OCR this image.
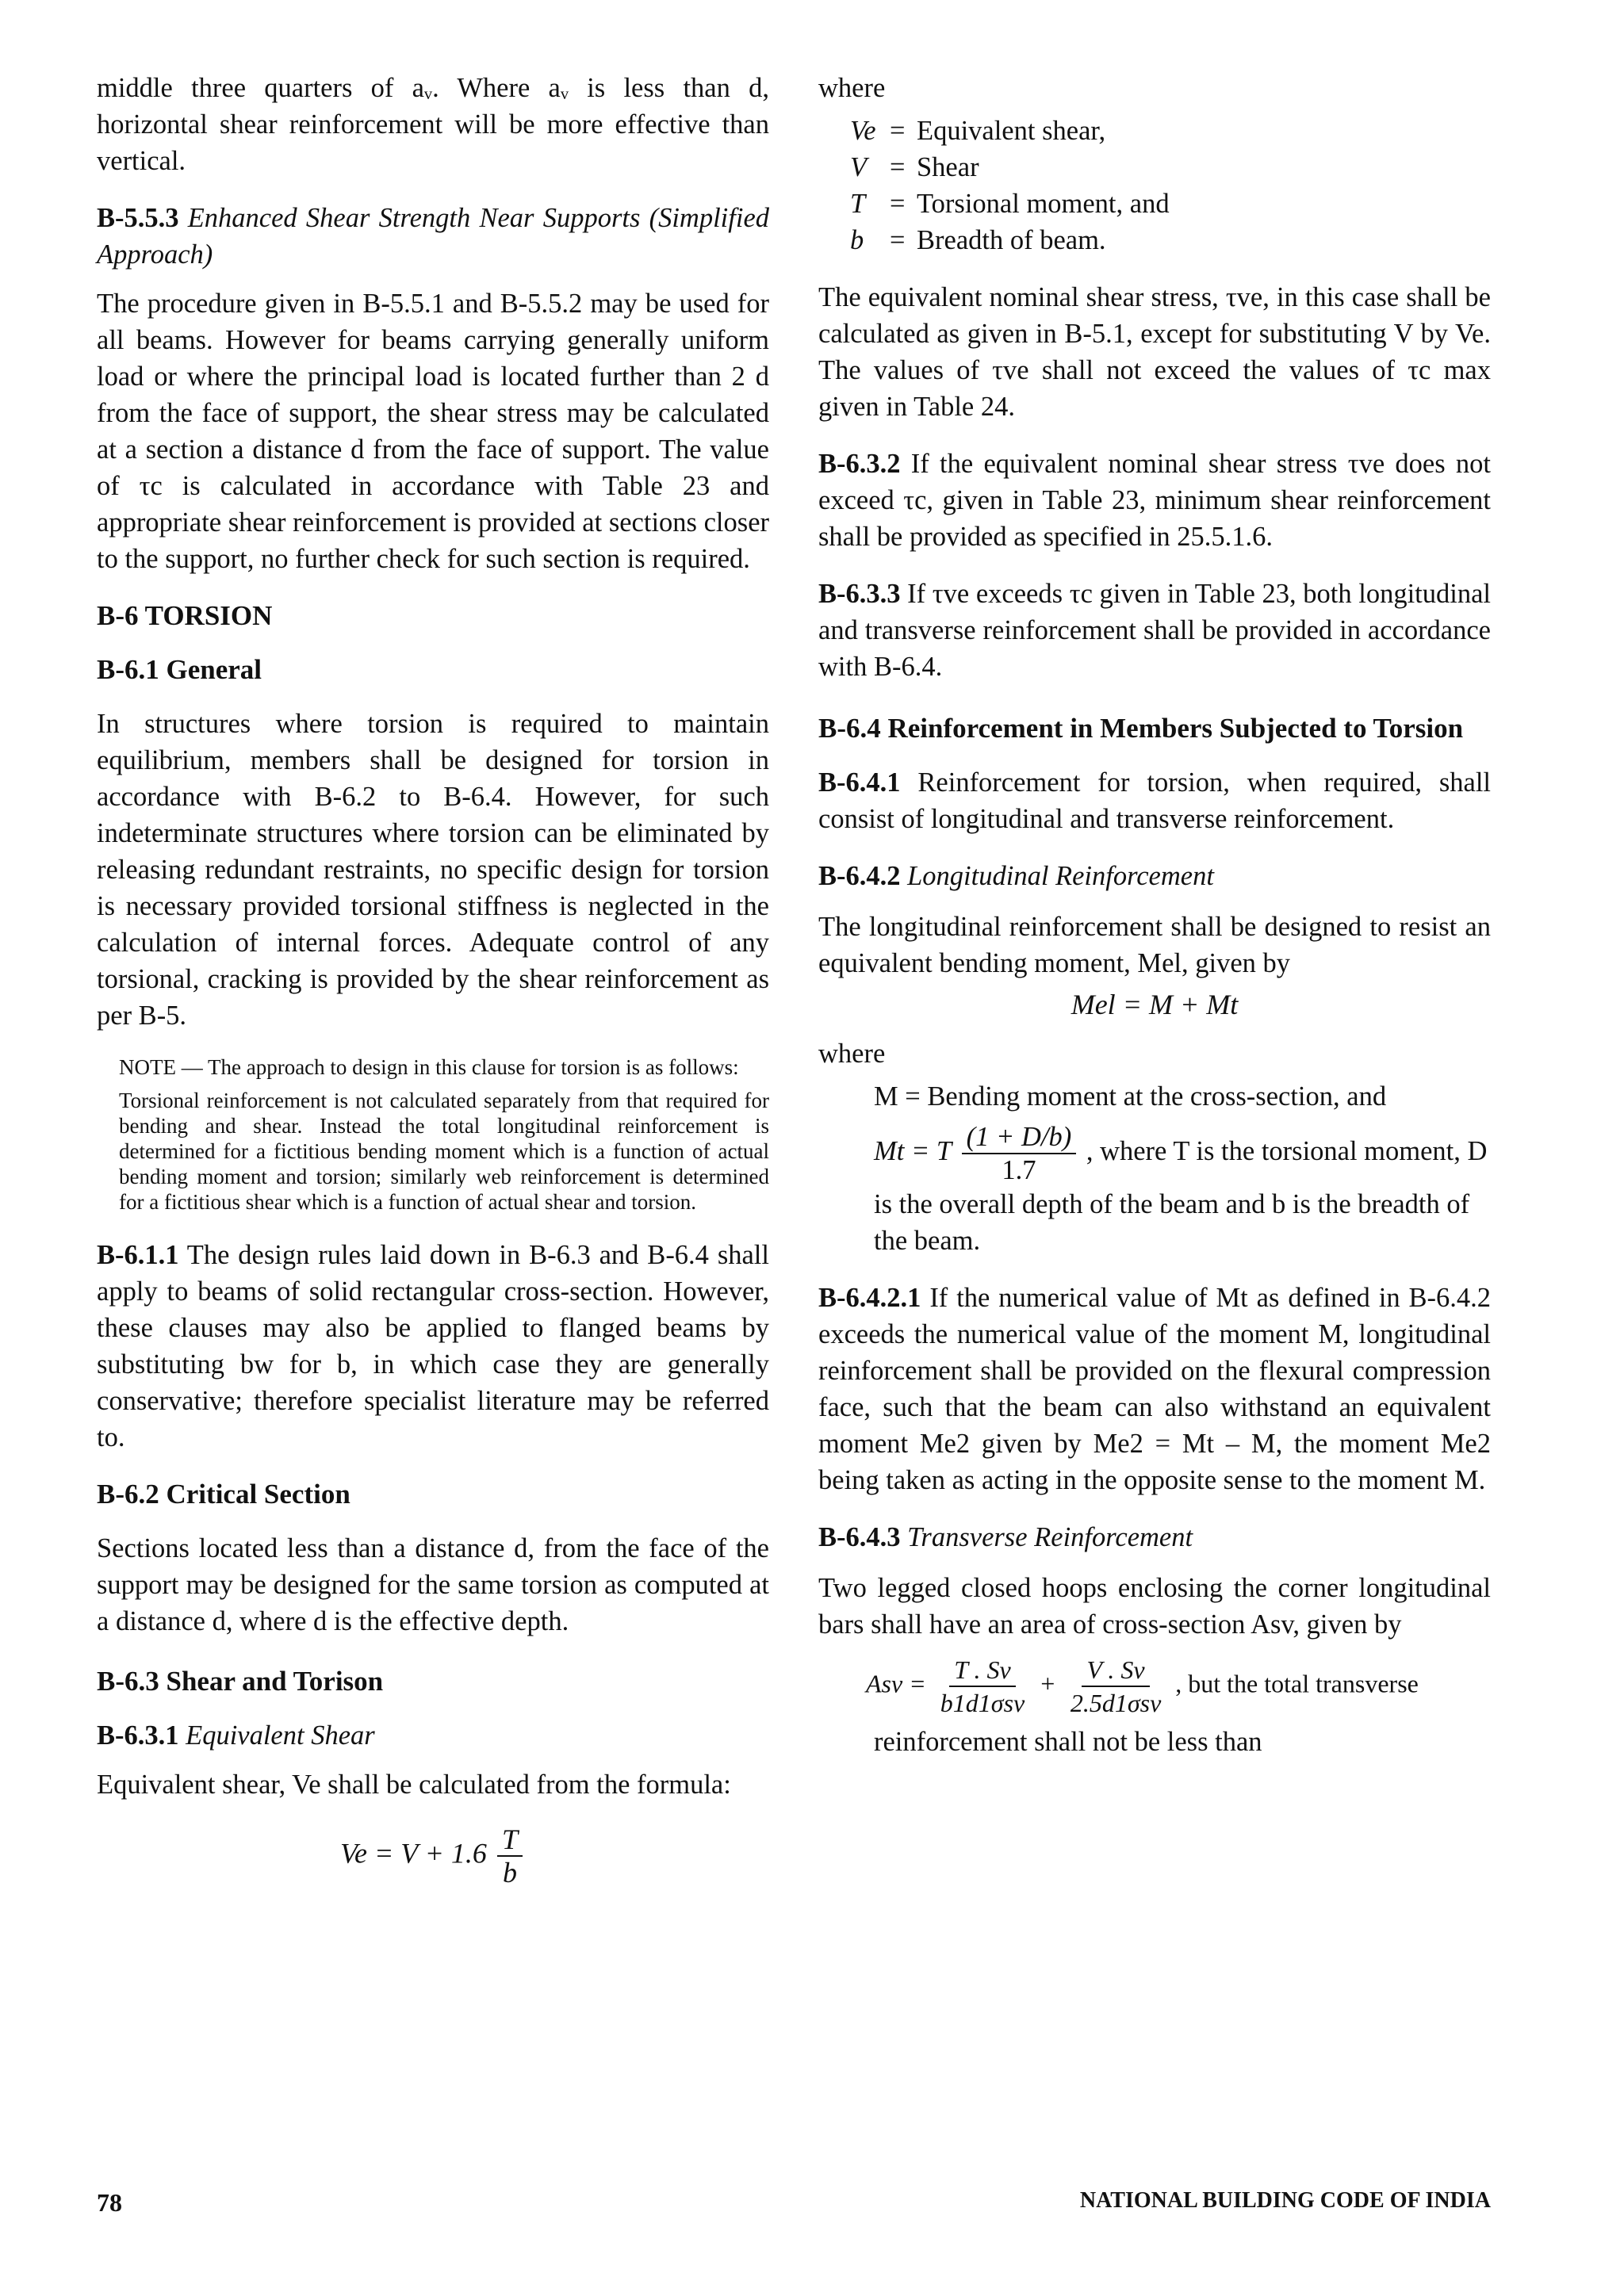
middle three quarters of aᵥ. Where aᵥ is less than d, horizontal shear reinforcement will be more effective than vertical.

B-5.5.3 Enhanced Shear Strength Near Supports (Simplified Approach)

The procedure given in B-5.5.1 and B-5.5.2 may be used for all beams. However for beams carrying generally uniform load or where the principal load is located further than 2 d from the face of support, the shear stress may be calculated at a section a distance d from the face of support. The value of τc is calculated in accordance with Table 23 and appropriate shear reinforcement is provided at sections closer to the support, no further check for such section is required.

B-6 TORSION
B-6.1 General

In structures where torsion is required to maintain equilibrium, members shall be designed for torsion in accordance with B-6.2 to B-6.4. However, for such indeterminate structures where torsion can be eliminated by releasing redundant restraints, no specific design for torsion is necessary provided torsional stiffness is neglected in the calculation of internal forces. Adequate control of any torsional, cracking is provided by the shear reinforcement as per B-5.

NOTE — The approach to design in this clause for torsion is as follows:

Torsional reinforcement is not calculated separately from that required for bending and shear. Instead the total longitudinal reinforcement is determined for a fictitious bending moment which is a function of actual bending moment and torsion; similarly web reinforcement is determined for a fictitious shear which is a function of actual shear and torsion.

B-6.1.1 The design rules laid down in B-6.3 and B-6.4 shall apply to beams of solid rectangular cross-section. However, these clauses may also be applied to flanged beams by substituting bw for b, in which case they are generally conservative; therefore specialist literature may be referred to.

B-6.2 Critical Section

Sections located less than a distance d, from the face of the support may be designed for the same torsion as computed at a distance d, where d is the effective depth.

B-6.3 Shear and Torison

B-6.3.1 Equivalent Shear

Equivalent shear, Ve shall be calculated from the formula:

$Ve = V + 1.6 \frac{T}{b}$

where

Ve = Equivalent shear,
V = Shear
T = Torsional moment, and
b = Breadth of beam.

The equivalent nominal shear stress, τve, in this case shall be calculated as given in B-5.1, except for substituting V by Ve. The values of τve shall not exceed the values of τc max given in Table 24.

B-6.3.2 If the equivalent nominal shear stress τve does not exceed τc, given in Table 23, minimum shear reinforcement shall be provided as specified in 25.5.1.6.

B-6.3.3 If τve exceeds τc given in Table 23, both longitudinal and transverse reinforcement shall be provided in accordance with B-6.4.

B-6.4 Reinforcement in Members Subjected to Torsion

B-6.4.1 Reinforcement for torsion, when required, shall consist of longitudinal and transverse reinforcement.

B-6.4.2 Longitudinal Reinforcement

The longitudinal reinforcement shall be designed to resist an equivalent bending moment, Mel, given by

Mel = M + Mt

where

M = Bending moment at the cross-section, and

Mt = T $\frac{(1 + D/b)}{1.7}$ , where T is the torsional moment, D is the overall depth of the beam and b is the breadth of the beam.

B-6.4.2.1 If the numerical value of Mt as defined in B-6.4.2 exceeds the numerical value of the moment M, longitudinal reinforcement shall be provided on the flexural compression face, such that the beam can also withstand an equivalent moment Me2 given by Me2 = Mt – M, the moment Me2 being taken as acting in the opposite sense to the moment M.

B-6.4.3 Transverse Reinforcement

Two legged closed hoops enclosing the corner longitudinal bars shall have an area of cross-section Asv, given by

Asv = $\frac{T . Sv}{\text{b1d1σsv}} + \frac{V . Sv}{\text{2.5d1σsv}}$ , but the total transverse

reinforcement shall not be less than

78	NATIONAL BUILDING CODE OF INDIA
